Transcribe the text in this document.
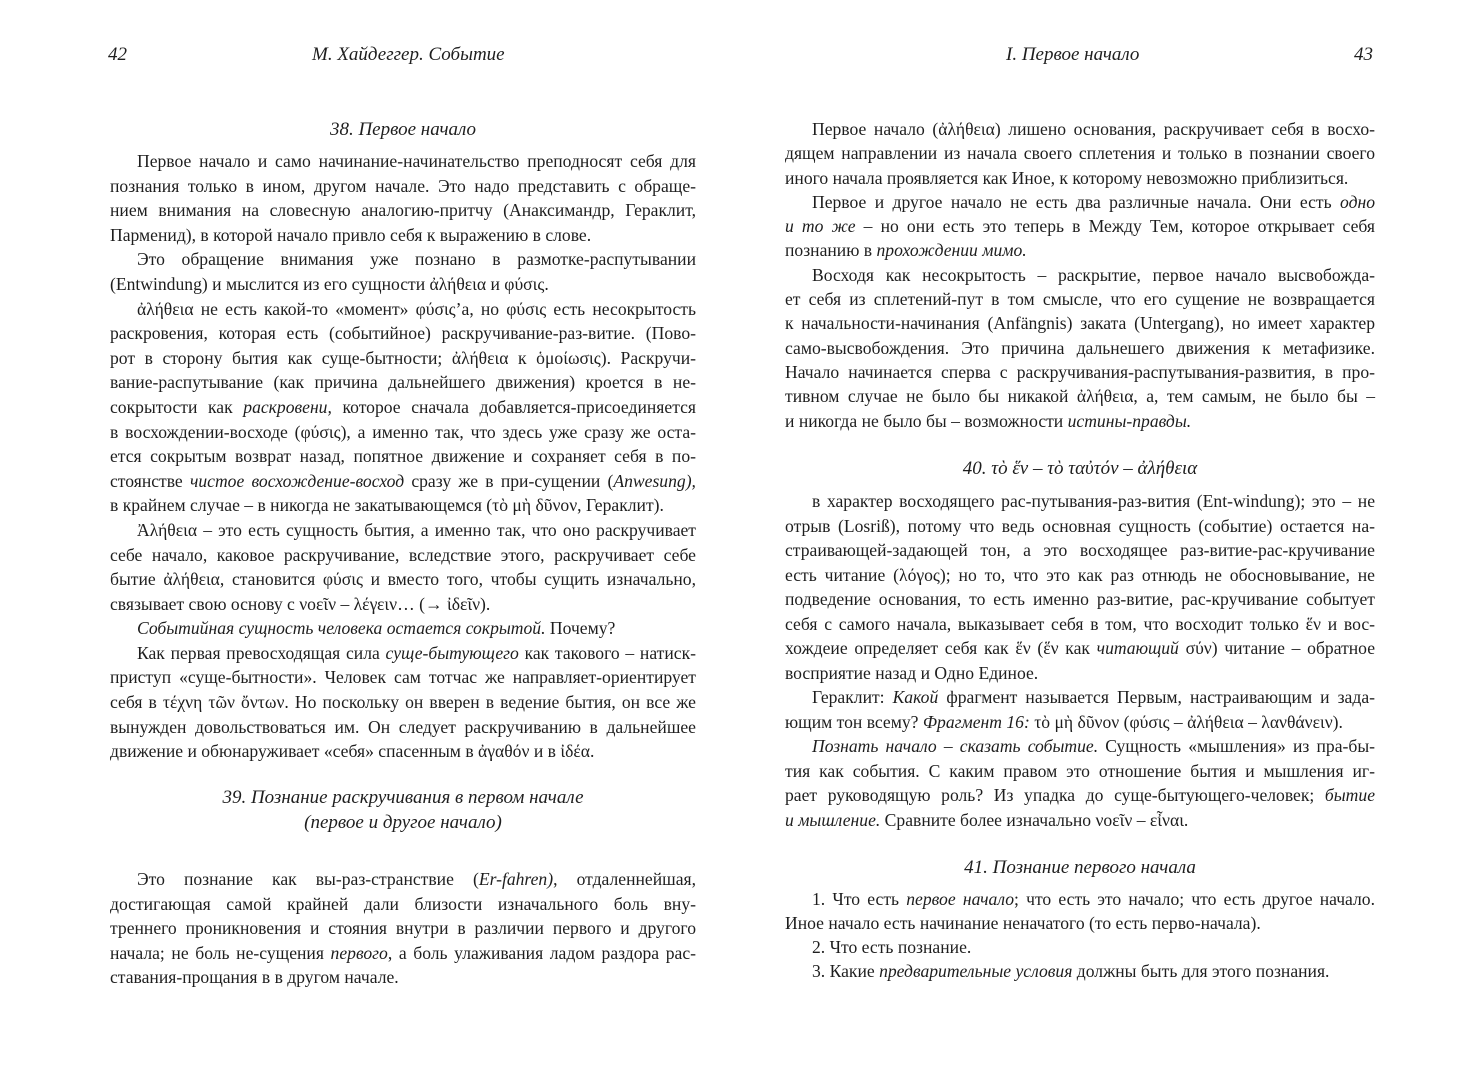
42	М. Хайдеггер. Событие
38. Первое начало
Первое начало и само начинание-начинательство преподносят себя для
познания только в ином, другом начале. Это надо представить с обраще-
нием внимания на словесную аналогию-притчу (Анаксимандр, Гераклит,
Парменид), в которой начало привло себя к выражению в слове.
Это обращение внимания уже познано в размотке-распутывании
(Entwindung) и мыслится из его сущности ἀλήθεια и φύσις.
ἀλήθεια не есть какой-то «момент» φύσις’а, но φύσις есть несокрытость
раскровения, которая есть (событийное) раскручивание-раз-витие. (Пово-
рот в сторону бытия как суще-бытности; ἀλήθεια к ὁμοίωσις). Раскручи-
вание-распутывание (как причина дальнейшего движения) кроется в не-
сокрытости как раскровени, которое сначала добавляется-присоединяется
в восхождении-восходе (φύσις), а именно так, что здесь уже сразу же оста-
ется сокрытым возврат назад, попятное движение и сохраняет себя в по-
стоянстве чистое восхождение-восход сразу же в при-сущении (Anwesung),
в крайнем случае – в никогда не закатывающемся (τὸ μὴ δῦνον, Гераклит).
Ἀλήθεια – это есть сущность бытия, а именно так, что оно раскручивает
себе начало, каковое раскручивание, вследствие этого, раскручивает себе
бытие ἀλήθεια, становится φύσις и вместо того, чтобы сущить изначально,
связывает свою основу с νοεῖν – λέγειν… (→ ἰδεῖν).
Событийная сущность человека остается сокрытой. Почему?
Как первая превосходящая сила суще-бытующего как такового – натиск-
приступ «суще-бытности». Человек сам тотчас же направляет-ориентирует
себя в τέχνη τῶν ὄντων. Но поскольку он вверен в ведение бытия, он все же
вынужден довольствоваться им. Он следует раскручиванию в дальнейшее
движение и обюнаруживает «себя» спасенным в ἀγαθόν и в ἰδέα.
39. Познание раскручивания в первом начале
(первое и другое начало)
Это познание как вы-раз-странствие (Er-fahren), отдаленнейшая,
достигающая самой крайней дали близости изначального боль вну-
треннего проникновения и стояния внутри в различии первого и другого
начала; не боль не-сущения первого, а боль улаживания ладом раздора рас-
ставания-прощания в в другом начале.
I. Первое начало	43
Первое начало (ἀλήθεια) лишено основания, раскручивает себя в восхо-
дящем направлении из начала своего сплетения и только в познании своего
иного начала проявляется как Иное, к которому невозможно приблизиться.
Первое и другое начало не есть два различные начала. Они есть одно
и то же – но они есть это теперь в Между Тем, которое открывает себя
познанию в прохождении мимо.
Восходя как несокрытость – раскрытие, первое начало высвобожда-
ет себя из сплетений-пут в том смысле, что его сущение не возвращается
к начальности-начинания (Anfängnis) заката (Untergang), но имеет характер
само-высвобождения. Это причина дальнешего движения к метафизике.
Начало начинается сперва с раскручивания-распутывания-развития, в про-
тивном случае не было бы никакой ἀλήθεια, а, тем самым, не было бы –
и никогда не было бы – возможности истины-правды.
40. τὸ ἕν – τὸ ταὐτόν – ἀλήθεια
в характер восходящего рас-путывания-раз-вития (Ent-windung); это – не
отрыв (Losriß), потому что ведь основная сущность (событие) остается на-
страивающей-задающей тон, а это восходящее раз-витие-рас-кручивание
есть читание (λόγος); но то, что это как раз отнюдь не обосновывание, не
подведение основания, то есть именно раз-витие, рас-кручивание событует
себя с самого начала, выказывает себя в том, что восходит только ἕν и вос-
хождеие определяет себя как ἕν (ἕν как читающий σύν) читание – обратное
восприятие назад и Одно Единое.
Гераклит: Какой фрагмент называется Первым, настраивающим и зада-
ющим тон всему? Фрагмент 16: τὸ μὴ δῦνον (φύσις – ἀλήθεια – λανθάνειν).
Познать начало – сказать событие. Сущность «мышления» из пра-бы-
тия как события. С каким правом это отношение бытия и мышления иг-
рает руководящую роль? Из упадка до суще-бытующего-человек; бытие
и мышление. Сравните более изначально νοεῖν – εἶναι.
41. Познание первого начала
1. Что есть первое начало; что есть это начало; что есть другое начало.
Иное начало есть начинание неначатого (то есть перво-начала).
2. Что есть познание.
3. Какие предварительные условия должны быть для этого познания.
